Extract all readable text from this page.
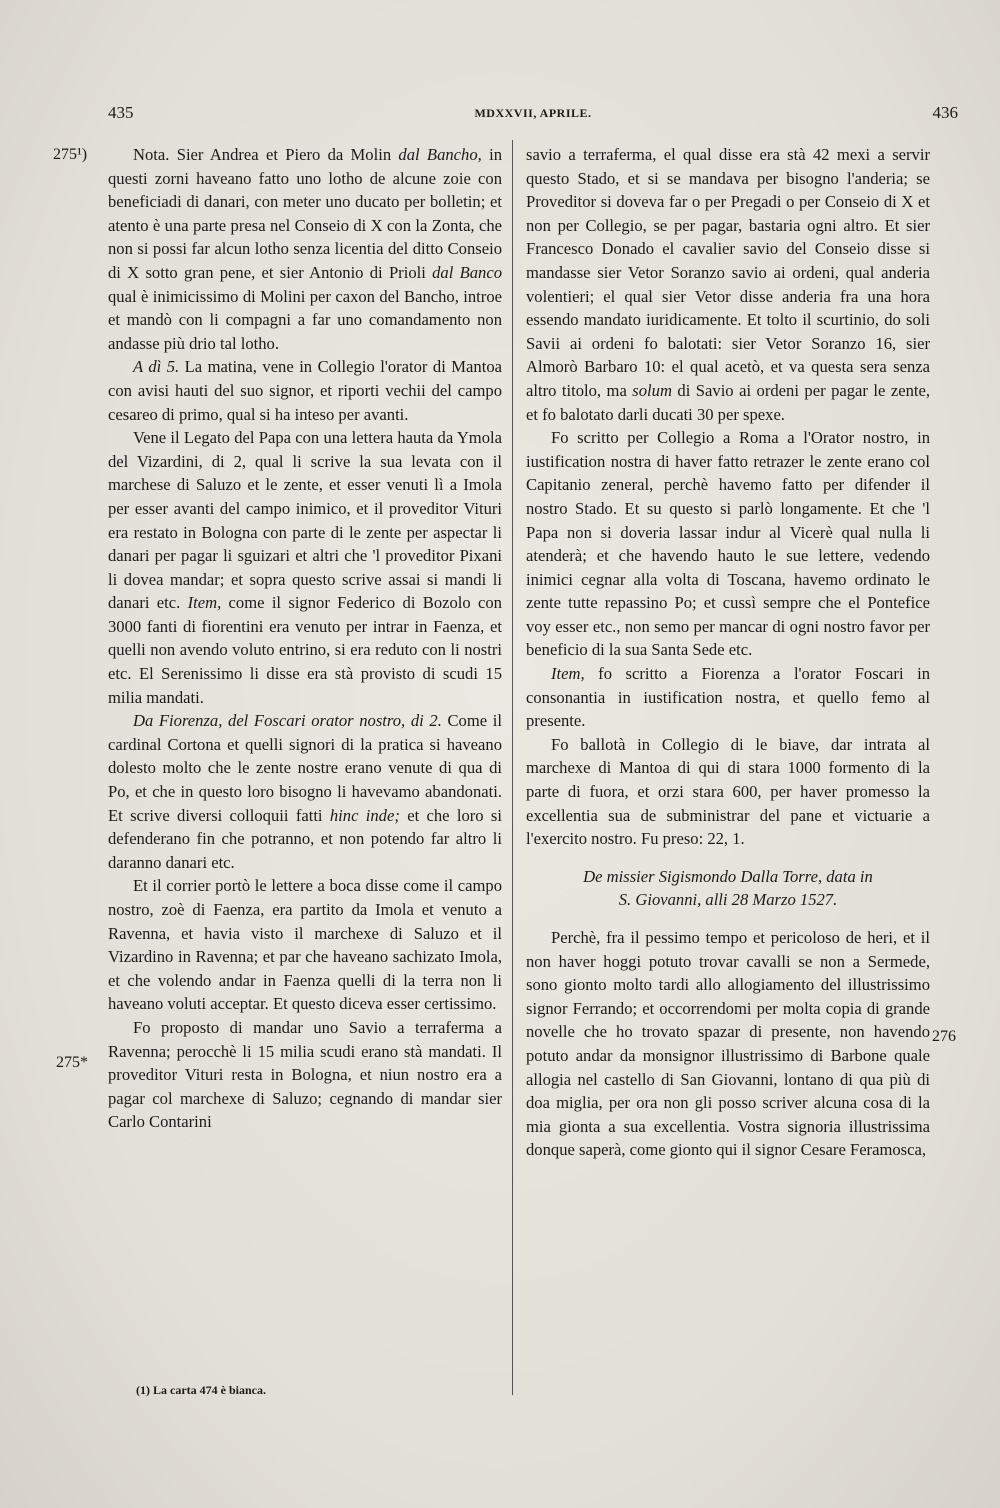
435	MDXXVII, APRILE.	436
275¹)
275*
276

Nota. Sier Andrea et Piero da Molin dal Bancho, in questi zorni haveano fatto uno lotho de alcune zoie con beneficiadi di danari, con meter uno ducato per bolletin; et atento è una parte presa nel Conseio di X con la Zonta, che non si possi far alcun lotho senza licentia del ditto Conseio di X sotto gran pene, et sier Antonio di Prioli dal Banco qual è inimicissimo di Molini per caxon del Bancho, introe et mandò con li compagni a far uno comandamento non andasse più drio tal lotho.

A dì 5. La matina, vene in Collegio l'orator di Mantoa con avisi hauti del suo signor, et riporti vechii del campo cesareo di primo, qual si ha inteso per avanti.

Vene il Legato del Papa con una lettera hauta da Ymola del Vizardini, di 2, qual li scrive la sua levata con il marchese di Saluzo et le zente, et esser venuti lì a Imola per esser avanti del campo inimico, et il proveditor Vituri era restato in Bologna con parte di le zente per aspectar li danari per pagar li sguizari et altri che 'l proveditor Pixani li dovea mandar; et sopra questo scrive assai si mandi li danari etc. Item, come il signor Federico di Bozolo con 3000 fanti di fiorentini era venuto per intrar in Faenza, et quelli non avendo voluto entrino, si era reduto con li nostri etc. El Serenissimo li disse era stà provisto di scudi 15 milia mandati.

Da Fiorenza, del Foscari orator nostro, di 2. Come il cardinal Cortona et quelli signori di la pratica si haveano dolesto molto che le zente nostre erano venute di qua di Po, et che in questo loro bisogno li havevamo abandonati. Et scrive diversi colloquii fatti hinc inde; et che loro si defenderano fin che potranno, et non potendo far altro li daranno danari etc.

Et il corrier portò le lettere a boca disse come il campo nostro, zoè di Faenza, era partito da Imola et venuto a Ravenna, et havia visto il marchexe di Saluzo et il Vizardino in Ravenna; et par che haveano sachizato Imola, et che volendo andar in Faenza quelli di la terra non li haveano voluti acceptar. Et questo diceva esser certissimo.

Fo proposto di mandar uno Savio a terraferma a Ravenna; perocchè li 15 milia scudi erano stà mandati. Il proveditor Vituri resta in Bologna, et niun nostro era a pagar col marchexe di Saluzo; cegnando di mandar sier Carlo Contarini

savio a terraferma, el qual disse era stà 42 mexi a servir questo Stado, et si se mandava per bisogno l'anderia; se Proveditor si doveva far o per Pregadi o per Conseio di X et non per Collegio, se per pagar, bastaria ogni altro. Et sier Francesco Donado el cavalier savio del Conseio disse si mandasse sier Vetor Soranzo savio ai ordeni, qual anderia volentieri; el qual sier Vetor disse anderia fra una hora essendo mandato iuridicamente. Et tolto il scurtinio, do soli Savii ai ordeni fo balotati: sier Vetor Soranzo 16, sier Almorò Barbaro 10: el qual acetò, et va questa sera senza altro titolo, ma solum di Savio ai ordeni per pagar le zente, et fo balotato darli ducati 30 per spexe.

Fo scritto per Collegio a Roma a l'Orator nostro, in iustification nostra di haver fatto retrazer le zente erano col Capitanio zeneral, perchè havemo fatto per difender il nostro Stado. Et su questo si parlò longamente. Et che 'l Papa non si doveria lassar indur al Vicerè qual nulla li atenderà; et che havendo hauto le sue lettere, vedendo inimici cegnar alla volta di Toscana, havemo ordinato le zente tutte repassino Po; et cussì sempre che el Pontefice voy esser etc., non semo per mancar di ogni nostro favor per beneficio di la sua Santa Sede etc.

Item, fo scritto a Fiorenza a l'orator Foscari in consonantia in iustification nostra, et quello femo al presente.

Fo ballotà in Collegio di le biave, dar intrata al marchexe di Mantoa di qui di stara 1000 formento di la parte di fuora, et orzi stara 600, per haver promesso la excellentia sua de subministrar del pane et victuarie a l'exercito nostro. Fu preso: 22, 1.

De missier Sigismondo Dalla Torre, data in
S. Giovanni, alli 28 Marzo 1527.

Perchè, fra il pessimo tempo et pericoloso de heri, et il non haver hoggi potuto trovar cavalli se non a Sermede, sono gionto molto tardi allo allogiamento del illustrissimo signor Ferrando; et occorrendomi per molta copia di grande novelle che ho trovato spazar di presente, non havendo potuto andar da monsignor illustrissimo di Barbone quale allogia nel castello di San Giovanni, lontano di qua più di doa miglia, per ora non gli posso scriver alcuna cosa di la mia gionta a sua excellentia. Vostra signoria illustrissima donque saperà, come gionto qui il signor Cesare Feramosca,

(1) La carta 474 è bianca.
